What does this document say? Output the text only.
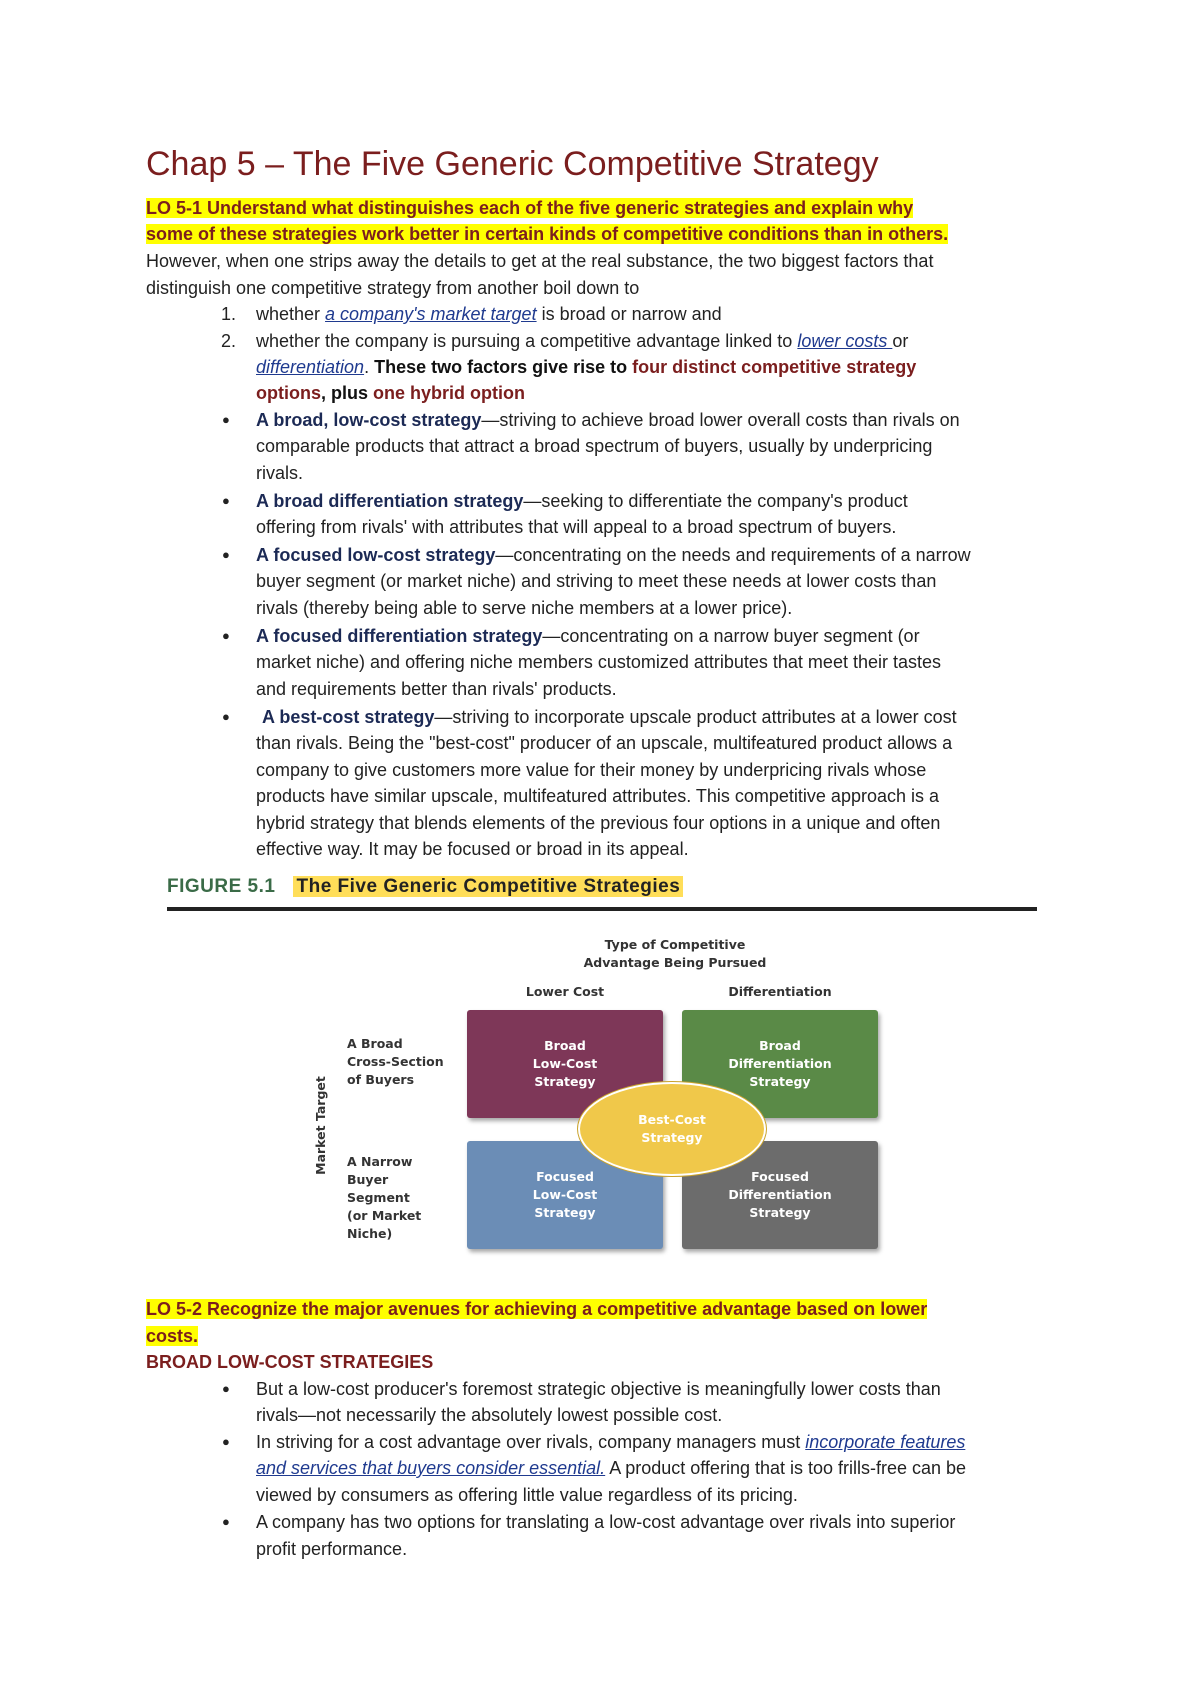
Chap 5 – The Five Generic Competitive Strategy
LO 5-1 Understand what distinguishes each of the five generic strategies and explain why
some of these strategies work better in certain kinds of competitive conditions than in others.
However, when one strips away the details to get at the real substance, the two biggest factors that
distinguish one competitive strategy from another boil down to
1. whether a company's market target is broad or narrow and
2. whether the company is pursuing a competitive advantage linked to lower costs or
differentiation. These two factors give rise to four distinct competitive strategy
options, plus one hybrid option
● A broad, low-cost strategy—striving to achieve broad lower overall costs than rivals on
comparable products that attract a broad spectrum of buyers, usually by underpricing
rivals.
● A broad differentiation strategy—seeking to differentiate the company's product
offering from rivals' with attributes that will appeal to a broad spectrum of buyers.
● A focused low-cost strategy—concentrating on the needs and requirements of a narrow
buyer segment (or market niche) and striving to meet these needs at lower costs than
rivals (thereby being able to serve niche members at a lower price).
● A focused differentiation strategy—concentrating on a narrow buyer segment (or
market niche) and offering niche members customized attributes that meet their tastes
and requirements better than rivals' products.
● A best-cost strategy—striving to incorporate upscale product attributes at a lower cost
than rivals. Being the "best-cost" producer of an upscale, multifeatured product allows a
company to give customers more value for their money by underpricing rivals whose
products have similar upscale, multifeatured attributes. This competitive approach is a
hybrid strategy that blends elements of the previous four options in a unique and often
effective way. It may be focused or broad in its appeal.
FIGURE 5.1 The Five Generic Competitive Strategies
Type of Competitive
Advantage Being Pursued
Lower Cost	Differentiation
A Broad
Cross-Section
of Buyers
A Narrow
Buyer
Segment
(or Market
Niche)
Market Target
Broad
Low-Cost
Strategy
Broad
Differentiation
Strategy
Focused
Low-Cost
Strategy
Focused
Differentiation
Strategy
Best-Cost
Strategy
LO 5-2 Recognize the major avenues for achieving a competitive advantage based on lower
costs.
BROAD LOW-COST STRATEGIES
● But a low-cost producer's foremost strategic objective is meaningfully lower costs than
rivals—not necessarily the absolutely lowest possible cost.
● In striving for a cost advantage over rivals, company managers must incorporate features
and services that buyers consider essential. A product offering that is too frills-free can be
viewed by consumers as offering little value regardless of its pricing.
● A company has two options for translating a low-cost advantage over rivals into superior
profit performance.
